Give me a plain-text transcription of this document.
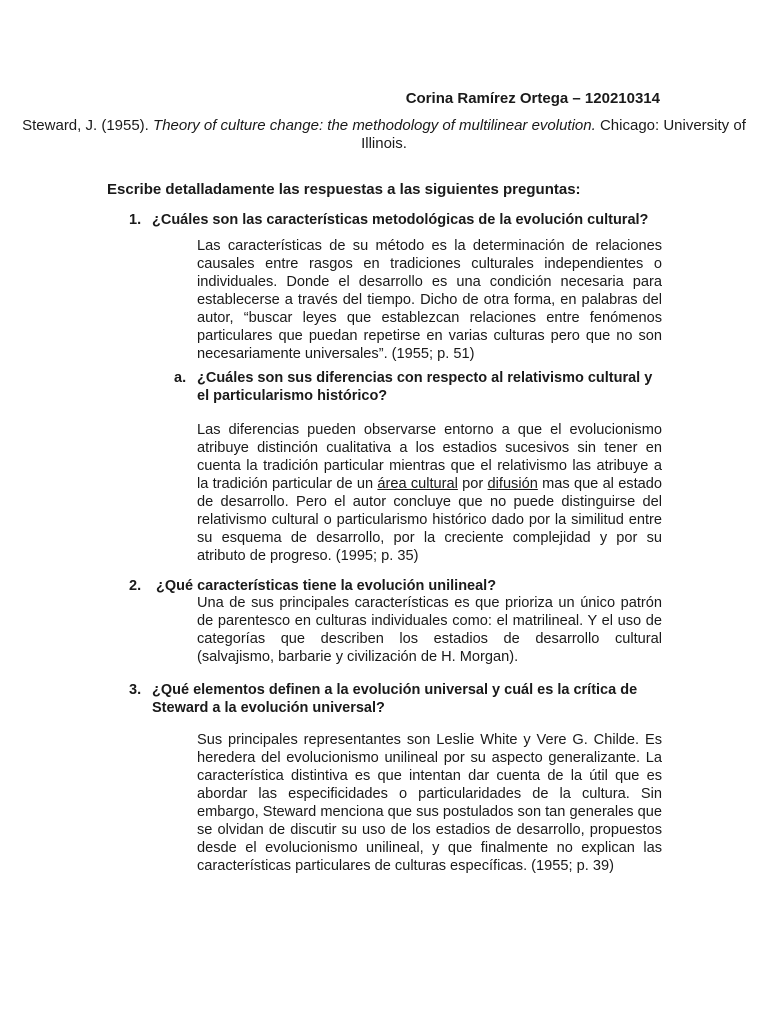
Corina Ramírez Ortega – 120210314
Steward, J. (1955). Theory of culture change: the methodology of multilinear evolution. Chicago: University of Illinois.
Escribe detalladamente las respuestas a las siguientes preguntas:
1. ¿Cuáles son las características metodológicas de la evolución cultural?
Las características de su método es la determinación de relaciones causales entre rasgos en tradiciones culturales independientes o individuales. Donde el desarrollo es una condición necesaria para establecerse a través del tiempo. Dicho de otra forma, en palabras del autor, “buscar leyes que establezcan relaciones entre fenómenos particulares que puedan repetirse en varias culturas pero que no son necesariamente universales”. (1955; p. 51)
a. ¿Cuáles son sus diferencias con respecto al relativismo cultural y el particularismo histórico?
Las diferencias pueden observarse entorno a que el evolucionismo atribuye distinción cualitativa a los estadios sucesivos sin tener en cuenta la tradición particular mientras que el relativismo las atribuye a la tradición particular de un área cultural por difusión mas que al estado de desarrollo. Pero el autor concluye que no puede distinguirse del relativismo cultural o particularismo histórico dado por la similitud entre su esquema de desarrollo, por la creciente complejidad y por su atributo de progreso. (1995; p. 35)
2. ¿Qué características tiene la evolución unilineal?
Una de sus principales características es que prioriza un único patrón de parentesco en culturas individuales como: el matrilineal. Y el uso de categorías que describen los estadios de desarrollo cultural (salvajismo, barbarie y civilización de H. Morgan).
3. ¿Qué elementos definen a la evolución universal y cuál es la crítica de Steward a la evolución universal?
Sus principales representantes son Leslie White y Vere G. Childe. Es heredera del evolucionismo unilineal por su aspecto generalizante. La característica distintiva es que intentan dar cuenta de la útil que es abordar las especificidades o particularidades de la cultura. Sin embargo, Steward menciona que sus postulados son tan generales que se olvidan de discutir su uso de los estadios de desarrollo, propuestos desde el evolucionismo unilineal, y que finalmente no explican las características particulares de culturas específicas. (1955; p. 39)
